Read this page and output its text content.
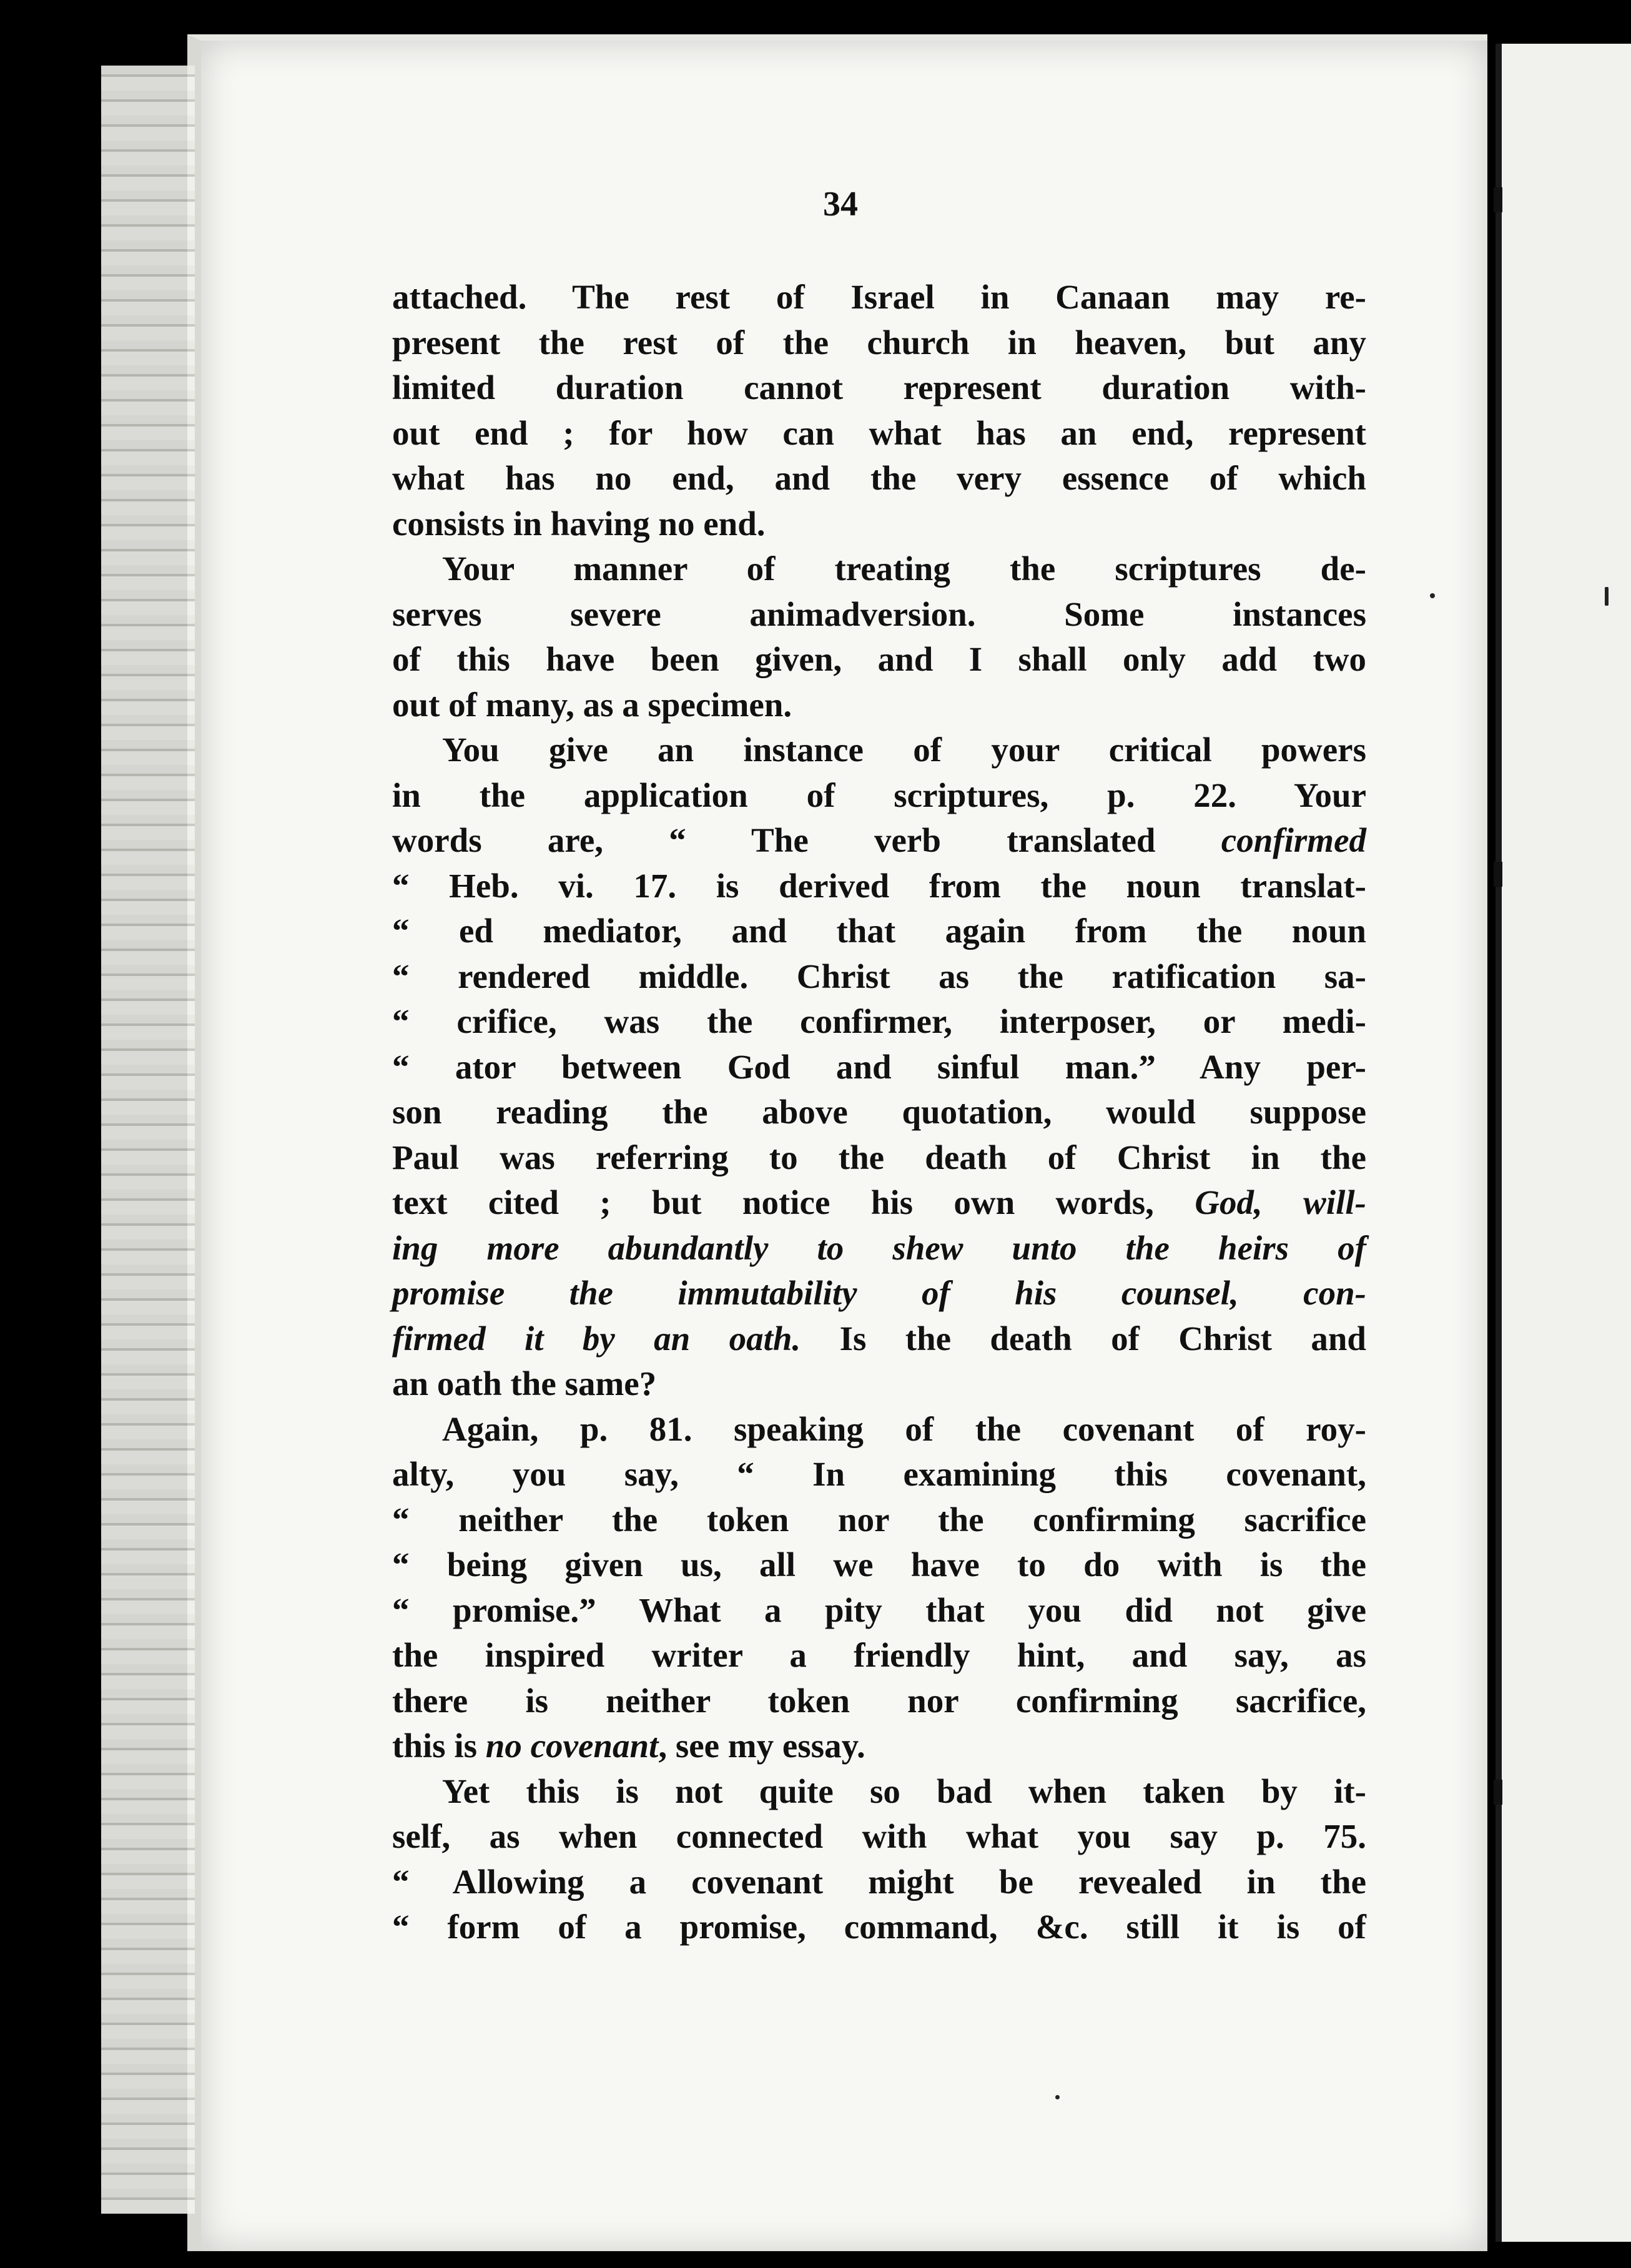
34
attached. The rest of Israel in Canaan may re-
present the rest of the church in heaven, but any
limited duration cannot represent duration with-
out end ; for how can what has an end, represent
what has no end, and the very essence of which
consists in having no end.
Your manner of treating the scriptures de-
serves severe animadversion. Some instances
of this have been given, and I shall only add two
out of many, as a specimen.
You give an instance of your critical powers
in the application of scriptures, p. 22. Your
words are, “ The verb translated confirmed
“ Heb. vi. 17. is derived from the noun translat-
“ ed mediator, and that again from the noun
“ rendered middle. Christ as the ratification sa-
“ crifice, was the confirmer, interposer, or medi-
“ ator between God and sinful man.” Any per-
son reading the above quotation, would suppose
Paul was referring to the death of Christ in the
text cited ; but notice his own words, God, will-
ing more abundantly to shew unto the heirs of
promise the immutability of his counsel, con-
firmed it by an oath. Is the death of Christ and
an oath the same?
Again, p. 81. speaking of the covenant of roy-
alty, you say, “ In examining this covenant,
“ neither the token nor the confirming sacrifice
“ being given us, all we have to do with is the
“ promise.” What a pity that you did not give
the inspired writer a friendly hint, and say, as
there is neither token nor confirming sacrifice,
this is no covenant, see my essay.
Yet this is not quite so bad when taken by it-
self, as when connected with what you say p. 75.
“ Allowing a covenant might be revealed in the
“ form of a promise, command, &c. still it is of
